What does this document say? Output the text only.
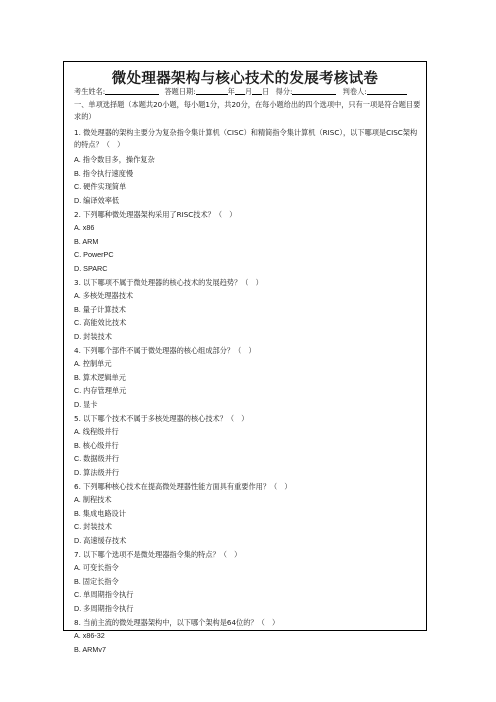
微处理器架构与核心技术的发展考核试卷
考生姓名:	答题日期:	年 月 日 得分:	判卷人:
一、单项选择题（本题共20小题，每小题1分，共20分，在每小题给出的四个选项中，只有一项是符合题目要求的）
1. 微处理器的架构主要分为复杂指令集计算机（CISC）和精简指令集计算机（RISC），以下哪项是CISC架构的特点？（　）
A. 指令数目多，操作复杂
B. 指令执行速度慢
C. 硬件实现简单
D. 编译效率低
2. 下列哪种微处理器架构采用了RISC技术？（　）
A. x86
B. ARM
C. PowerPC
D. SPARC
3. 以下哪项不属于微处理器的核心技术的发展趋势？（　）
A. 多核处理器技术
B. 量子计算技术
C. 高能效比技术
D. 封装技术
4. 下列哪个部件不属于微处理器的核心组成部分？（　）
A. 控制单元
B. 算术逻辑单元
C. 内存管理单元
D. 显卡
5. 以下哪个技术不属于多核处理器的核心技术？（　）
A. 线程级并行
B. 核心级并行
C. 数据级并行
D. 算法级并行
6. 下列哪种核心技术在提高微处理器性能方面具有重要作用？（　）
A. 制程技术
B. 集成电路设计
C. 封装技术
D. 高速缓存技术
7. 以下哪个选项不是微处理器指令集的特点？（　）
A. 可变长指令
B. 固定长指令
C. 单周期指令执行
D. 多周期指令执行
8. 当前主流的微处理器架构中，以下哪个架构是64位的？（　）
A. x86-32
B. ARMv7
